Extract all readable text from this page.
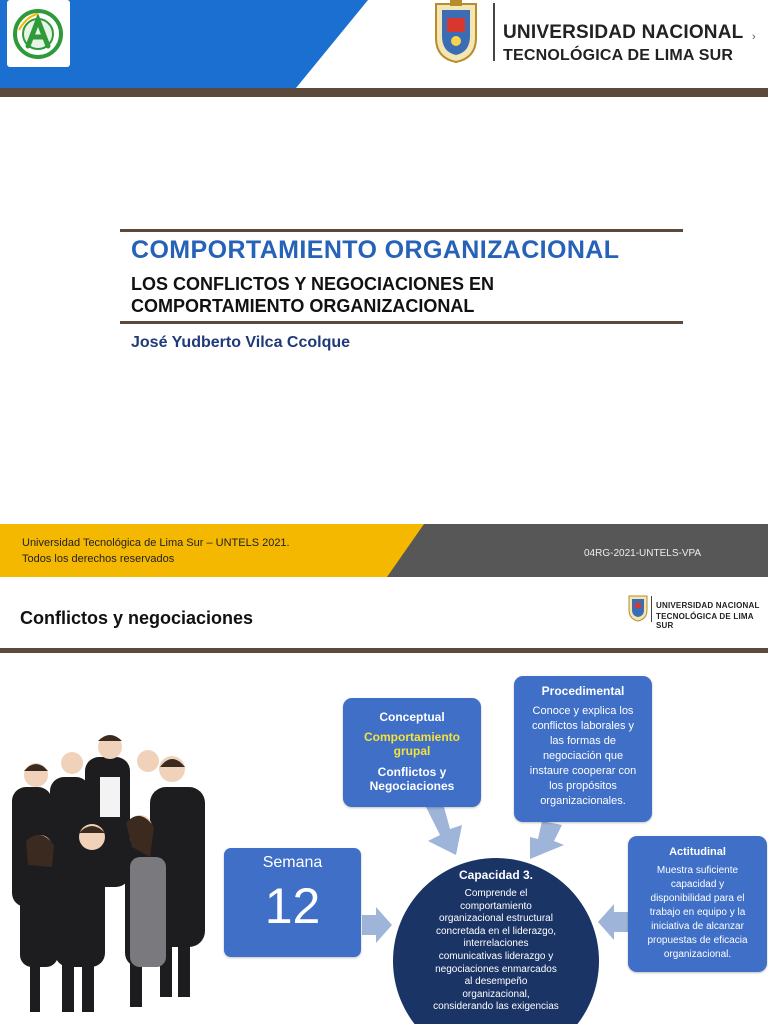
UNIVERSIDAD NACIONAL
TECNOLÓGICA DE LIMA SUR
›
COMPORTAMIENTO ORGANIZACIONAL
LOS CONFLICTOS Y NEGOCIACIONES EN
COMPORTAMIENTO ORGANIZACIONAL
José Yudberto Vilca Ccolque
Universidad Tecnológica de Lima Sur – UNTELS 2021.
Todos los derechos reservados	04RG-2021-UNTELS-VPA
Conflictos y negociaciones
UNIVERSIDAD NACIONAL
TECNOLÓGICA DE LIMA SUR
Conceptual
Comportamiento
grupal
Conflictos y
Negociaciones
Procedimental
Conoce y explica los
conflictos laborales y
las formas de
negociación que
instaure cooperar con
los propósitos
organizacionales.
Actitudinal
Muestra suficiente
capacidad y
disponibilidad para el
trabajo en equipo y la
iniciativa de alcanzar
propuestas de eficacia
organizacional.
Semana
12
Capacidad 3.
Comprende el
comportamiento
organizacional estructural
concretada en el liderazgo,
interrelaciones
comunicativas liderazgo y
negociaciones enmarcados
al desempeño
organizacional,
considerando las exigencias
